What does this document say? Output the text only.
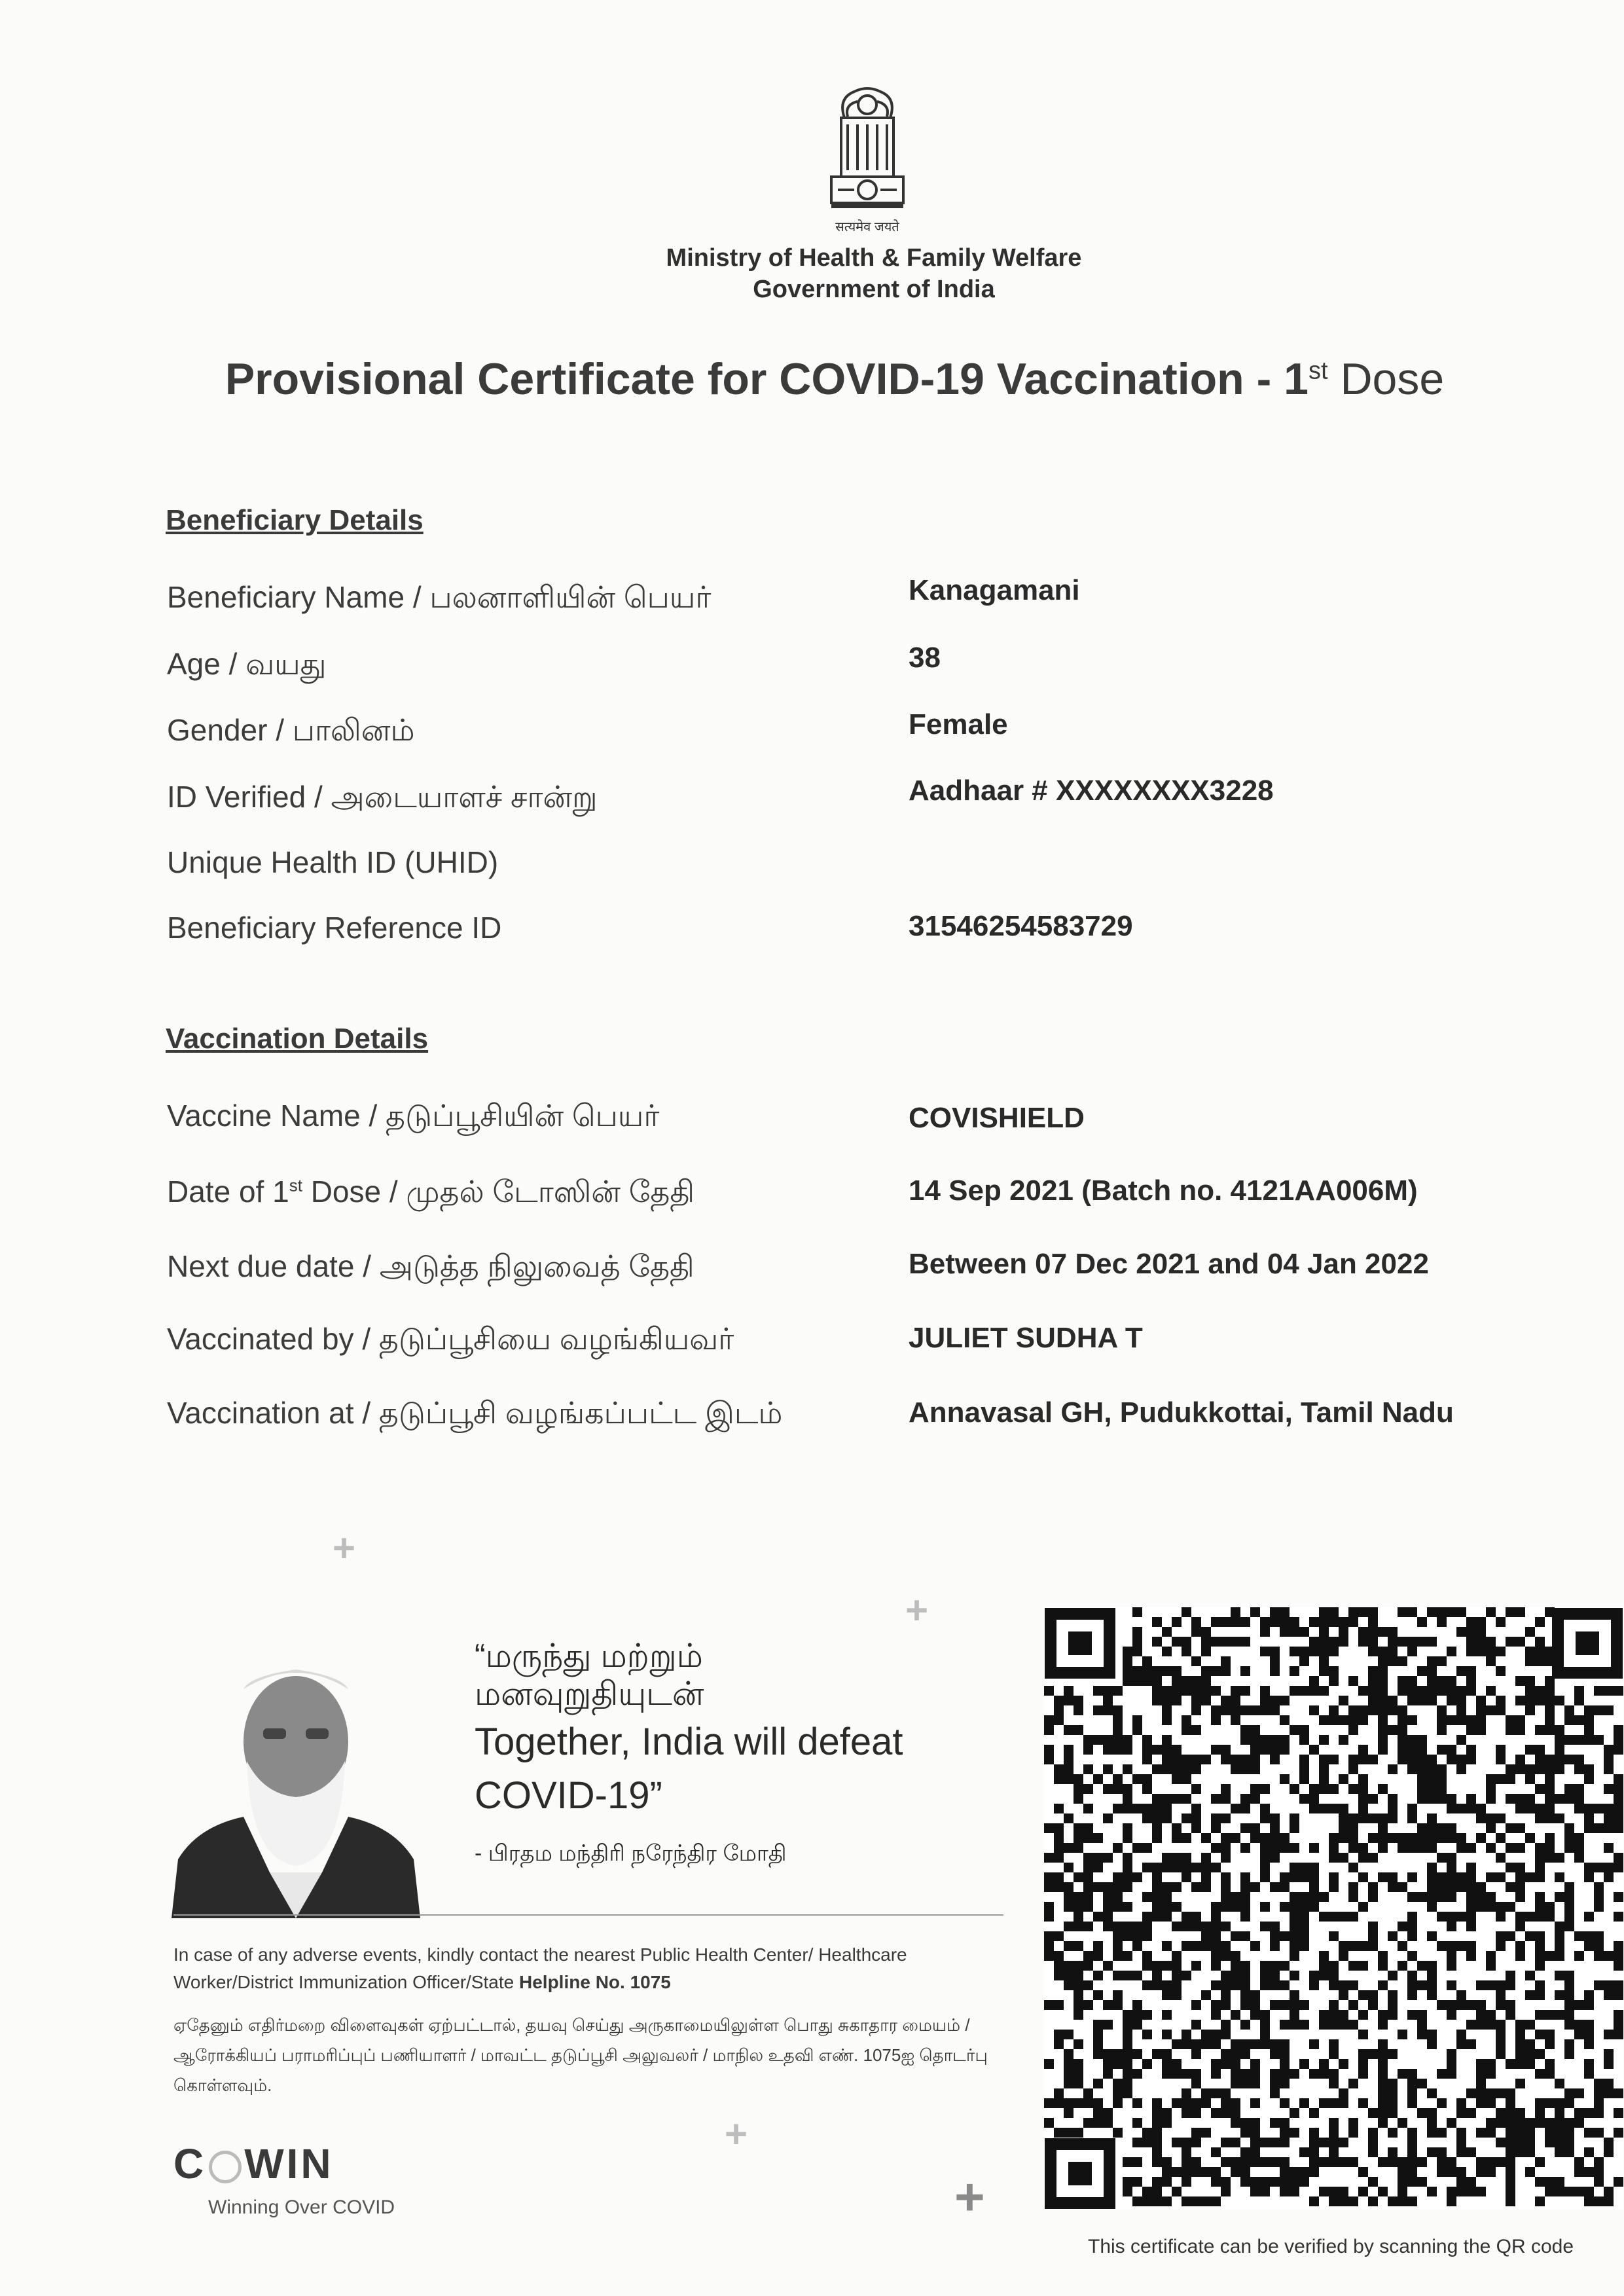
सत्यमेव जयते
Ministry of Health & Family Welfare
Government of India
Provisional Certificate for COVID-19 Vaccination - 1st Dose
Beneficiary Details
Beneficiary Name / பலனாளியின் பெயர்	Kanagamani
Age / வயது	38
Gender / பாலினம்	Female
ID Verified / அடையாளச் சான்று	Aadhaar # XXXXXXXX3228
Unique Health ID (UHID)
Beneficiary Reference ID	31546254583729
Vaccination Details
Vaccine Name / தடுப்பூசியின் பெயர்	COVISHIELD
Date of 1st Dose / முதல் டோஸின் தேதி	14 Sep 2021 (Batch no. 4121AA006M)
Next due date / அடுத்த நிலுவைத் தேதி	Between 07 Dec 2021 and 04 Jan 2022
Vaccinated by / தடுப்பூசியை வழங்கியவர்	JULIET SUDHA T
Vaccination at / தடுப்பூசி வழங்கப்பட்ட இடம்	Annavasal GH, Pudukkottai, Tamil Nadu
+
+
+
+
“மருந்து மற்றும்
மனவுறுதியுடன்
Together, India will defeat COVID-19”
- பிரதம மந்திரி நரேந்திர மோதி
In case of any adverse events, kindly contact the nearest Public Health Center/ Healthcare Worker/District Immunization Officer/State Helpline No. 1075
ஏதேனும் எதிர்மறை விளைவுகள் ஏற்பட்டால், தயவு செய்து அருகாமையிலுள்ள பொது சுகாதார மையம் / ஆரோக்கியப் பராமரிப்புப் பணியாளர் / மாவட்ட தடுப்பூசி அலுவலர் / மாநில உதவி எண். 1075ஐ தொடர்பு கொள்ளவும்.
C WIN
Winning Over COVID
This certificate can be verified by scanning the QR code
